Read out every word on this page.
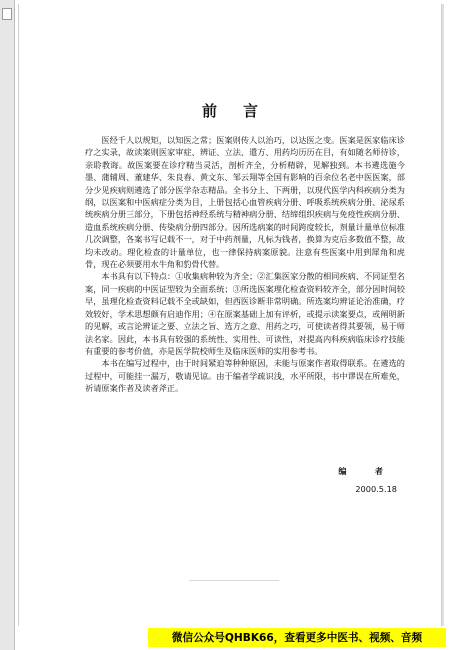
前言

医经千人以规矩，以知医之常；医案则传人以治巧，以达医之变。医案是医家临床诊疗之实录，故读案则医家审症、辨证、立法、遣方、用药均历历在目，有如随名师待诊，亲聆教诲。故医案要在诊疗精当灵活，剖析齐全，分析精辟，见解独到。本书遴选施今墨、蒲辅周、董建华、朱良春、黄文东、邹云翔等全国有影响的百余位名老中医医案，部分少见疾病则遴选了部分医学杂志精品。全书分上、下两册，以现代医学内科疾病分类为纲，以医案和中医病症分类为目，上册包括心血管疾病分册、呼吸系统疾病分册、泌尿系统疾病分册三部分，下册包括神经系统与精神病分册、结缔组织疾病与免疫性疾病分册、造血系统疾病分册、传染病分册四部分。因所选病案的时间跨度较长，剂量计量单位标准几次调整，各案书写记载不一，对于中药剂量，凡标为钱者，换算为克后多数值不整，故均未改动。理化检查的计量单位，也一律保持病案原貌。注意有些医案中用到犀角和虎骨，现在必须要用水牛角和豹骨代替。

本书具有以下特点：①收集病种较为齐全；②汇集医家分散的相同疾病、不同证型名案，同一疾病的中医证型较为全面系统；③所选医案理化检查资料较齐全，部分因时间较早，虽理化检查资料记载不全或缺如，但西医诊断非常明确。所选案均辨证论治准确，疗效较好，学术思想颇有启迪作用；④在原案基础上加有评析，或提示读案要点，或阐明新的见解，或言论辨证之要、立法之旨、选方之意、用药之巧，可使读者得其要领，易于师法名家。因此，本书具有较强的系统性、实用性、可读性，对提高内科疾病临床诊疗技能有重要的参考价值，亦是医学院校师生及临床医师的实用参考书。

本书在编写过程中，由于时间紧迫等种种原因，未能与原案作者取得联系。在遴选的过程中，可能挂一漏万，敬请见谅。由于编者学疏识浅，水平所限，书中谬误在所难免，祈请原案作者及读者斧正。

编　者
2000.5.18
微信公众号QHBK66，查看更多中医书、视频、音频
